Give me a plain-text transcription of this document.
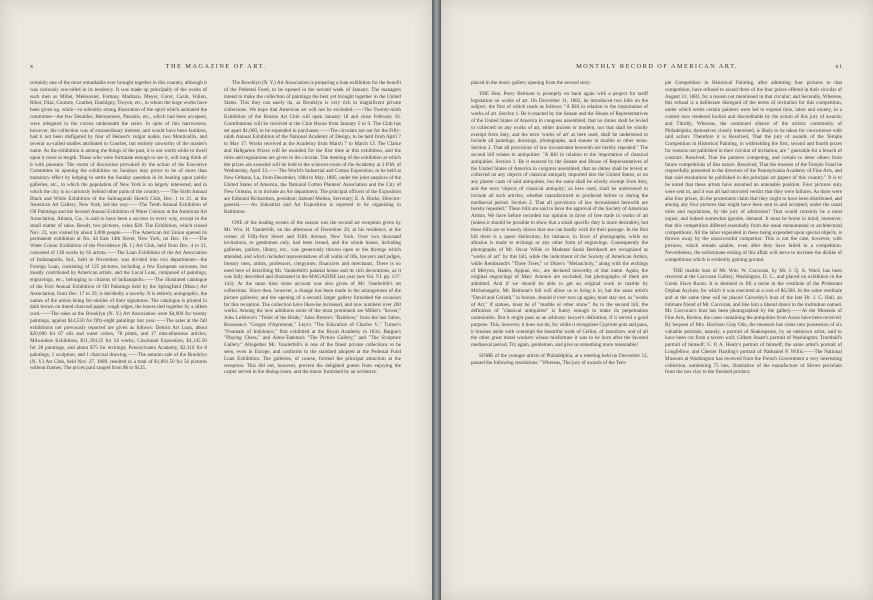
x	THE MAGAZINE OF ART.

certainly one of the most remarkable ever brought together in this country, although it was curiously one-sided in its tendency. It was made up principally of the works of such men as Millet, Meissonier, Fortuny, Madrazo, Meyer, Corot, Cazin, Vollon, Ribot, Diaz, Couture, Courbet, Daubigny, Troyon, etc., to whom the large works have been given up, while—to tolerably strong illustration of the spirit which animated the committee—the few Detailles, Meissoniers, Passinis, etc., which had been accepted, were relegated to the curves underneath the stairs. In spite of this narrowness, however, the collection was of extraordinary interest, and would have been faultless, had it not been disfigured by four of Henner's vulgar nudes, two Monticellis, and several so-called studies attributed to Courbet, but entirely unworthy of the master's name. As the exhibition is among the things of the past, it is not worth while to dwell upon it more at length. Those who were fortunate enough to see it, will long think of it with pleasure. The storm of discussion provoked by the action of the Executive Committee in opening the exhibition on Sundays may prove to be of more than transitory effect by helping to settle the Sunday question in its bearing upon public galleries, etc., in which the population of New York is so largely interested, and in which the city is so curiously behind other parts of the country.——The Sixth Annual Black and White Exhibition of the Salmagundi Sketch Club, Dec. 1 to 21, at the American Art Gallery, New York, led the way.——The Tenth Annual Exhibition of Oil Paintings and the Second Annual Exhibition of Water Colours at the American Art Association, Atlanta, Ga., is said to have been a success in every way, except in the small matter of sales. Result, two pictures, value $20. The Exhibition, which closed Nov. 23, was visited by about 3,000 people.——The American Art Union opened its permanent exhibition at No. 44 East 14th Street, New York, on Dec. 10.——The Water Colour Exhibition of the Providence (R. I.) Art Club, held from Dec. 4 to 21, consisted of 138 works by 63 artists.——The Loan Exhibition of the Art Association of Indianapolis, Ind., held in November, was divided into two departments—the Foreign Loan, consisting of 125 pictures, including a few European canvases, but mostly contributed by American artists, and the Local Loan, composed of paintings, engravings, etc., belonging to citizens of Indianapolis.——The illustrated catalogue of the First Annual Exhibition of Oil Paintings held by the Springfield (Mass.) Art Association, from Dec. 17 to 29, is decidedly a novelty. It is entirely autographic, the names of the artists being fac-similes of their signatures. The catalogue is printed in dark brown on tinted charcoal paper, rough edges, the leaves tied together by a silken cord.——The sales at the Brooklyn (N. Y.) Art Association were $4,000 for twenty paintings, against $14,550 for fifty-eight paintings last year.——The sales at the fall exhibitions not previously reported are given as follows: Detroit Art Loan, about $20,000 for 67 oils and water colors, 78 prints, and 17 miscellaneous articles; Milwaukee Exhibition, $11,394.25 for 54 works; Cincinnati Exposition, $4,145.50 for 28 paintings, and about $75 for etchings; Pennsylvania Academy, $2,310 for 8 paintings, 1 sculpture, and 1 charcoal drawing.——The autumn sale of the Brooklyn (N. Y.) Art Club, held Nov. 27, 1889, resulted in a total of $1,891.50 for 56 pictures without frames. The prices paid ranged from $6 to $125.

The Brooklyn (N. Y.) Art Association is preparing a loan exhibition for the benefit of the Pedestal Fund, to be opened in the second week of January. The managers intend to make the collection of paintings the best yet brought together in the United States. This they can easily do, as Brooklyn is very rich in magnificent private collections. We hope that American art will not be excluded.——The Twenty-ninth Exhibition of the Boston Art Club will open January 18 and close February 16. Contributions will be received at the Club House from January 5 to 9. The Club has set apart $1,000, to be expended in purchases.——The circulars are out for the Fifty-ninth Annual Exhibition of the National Academy of Design, to be held from April 7 to May 17. Works received at the Academy from March 7 to March 12. The Clarke and Hallgarten Prizes will be awarded for the first time at this exhibition, and the rules and regulations are given in the circular. The meeting of the exhibition at which the prizes are awarded will be held in the sciences-room of the Academy at 2 P.M. of Wednesday, April 23.——The World's Industrial and Cotton Exposition, to be held at New Orleans, La., from December, 1884 to May, 1885, under the joint auspices of the United States of America, the National Cotton Planters' Association and the City of New Orleans, is to include an Art department. The principal officers of the Exposition are Edmund Richardson, president; Samuel Mullen, Secretary; E. A. Burke, Director-general.——An Industrial and Art Exposition is reported to be organising in Baltimore.

ONE of the leading events of the season was the second art reception given by Mr. Wm. H. Vanderbilt, on the afternoon of December 20, at his residence, at the corner of Fifty-first Street and Fifth Avenue, New York. Over two thousand invitations, to gentlemen only, had been issued, and the whole house, including galleries, parlors, library, etc., was generously thrown open to the throngs which attended, and which included representatives of all walks of life, lawyers and judges, literary men, artists, professors, clergymen, financiers and merchants. There is no need here of describing Mr. Vanderbilt's palatial house and its rich decorations, as it was fully described and illustrated in the MAGAZINE last year (see Vol. VI. pp. 137-143). At the same time some account was also given of Mr. Vanderbilt's art collections. Since then, however, a change has been made in the arrangement of the picture galleries; and the opening of a second, larger gallery furnished the occasion for this reception. The collection have likewise increased, and now numbers over 200 works. Among the new additions some of the most prominent are Millet's "Sower," Jules Lefebvre's "Toilet of the Bride," Jules Breton's "Rainbow," from the last Salon, Rousseau's "Gorges d'Apremont," Leys's "The Education of Charles V.," Turner's "Fountain of Indolence," first exhibited at the Royal Academy in 1834, Bargue's "Playing Chess," and Alma-Tadema's "The Picture Gallery," and "The Sculpture Gallery." Altogether Mr. Vanderbilt's is one of the finest private collections to be seen, even in Europe, and conforms to the standard adopted at the Pedestal Fund Loan Exhibition. The galleries, of course, formed the principal attraction at the reception. This did not, however, prevent the delighted guests from enjoying the carpet served in the dining-room, and the music furnished by an orchestra.

MONTHLY RECORD OF AMERICAN ART.	xi

placed in the music gallery opening from the second story.

THE Hon. Perry Belmont is promptly on hand again with a project for tariff legislation on works of art. On December 11, 1883, he introduced two bills on the subject, the first of which reads as follows: "A Bill in relation to the importation of works of art. Section 1. Be it enacted by the Senate and the House of Representatives of the United States of America in congress assembled, that no duties shall be levied or collected on any works of art, either ancient or modern, nor that shall be wholly exempt from duty, and the term 'works of art' as here used, shall be understood to include all paintings, drawings, photographs, and statues in marble or other stone. Section 2. That all provisions of law inconsistent herewith are hereby repealed." The second bill relates to antiquities: "A Bill in relation to the importation of classical antiquities. Section 1. Be it enacted by the Senate and House of Representatives of the United States of America in congress assembled, that no duties shall be levied or collected on any objects of classical antiquity imported into the United States, or on any plaster casts of said antiquities, but the same shall be wholly exempt from duty, and the term 'objects of classical antiquity,' as here used, shall be understood to include all such articles, whether manufactured or produced before or during the mediaeval period. Section 2. That all provisions of law inconsistent herewith are hereby repealed." These bills are said to have the approval of the Society of American Artists. We have before recorded our opinion in favor of free trade in works of art (unless it should be possible to show that a small specific duty is more desirable), but these bills are so loosely drawn that one can hardly wish for their passage. In the first bill there is a queer distinction, for instance, in favor of photographs, while no allusion is made to etchings or any other form of engravings. Consequently the photographs of Mr. Oscar Wilde or Madame Sarah Bernhardt are recognized as "works of art" by this bill, while the indictment of the Society of American Artists, while Rembrandt's "Three Trees," or Dürer's "Melancholy," along with the etchings of Méryon, Haden, Appian, etc., are declared unworthy of that name. Again, the original engravings of Marc Antonio are excluded, but photographs of them are admitted. And if we should be able to get an original work in marble by Michelangelo, Mr. Belmont's bill will allow us to bring it in, but the same artist's "David and Goliath," in bronze, should it ever turn up again, must stay out, as "works of Art," if statues, must be of "marble or other stone." As to the second bill, the definition of "classical antiquities" is funny enough to make its perpetuation undesirable. But it might pass as an arbitrary lawyer's definition, if it served a good purpose. This, however, it does not do, for while it recognises Cypriote pots and pans, it brushes aside with contempt the beautiful work of Cellini, of Jamnitzer, and of all the other great metal workers whose misfortune it was to be born after the favored mediaeval period. Try again, gentlemen, and give us something more reasonable!

SOME of the younger artists of Philadelphia, at a meeting held on December 12, passed the following resolutions: "Whereas, The jury of awards of the Tem-

ple Competition in Historical Painting, after admitting four pictures to that competition, have refused to award three of the four prizes offered in their circular of August 31, 1882, for a reason not mentioned in that circular; and Secondly, Whereas, this refusal is a deliberate disregard of the terms of invitation for this competition, under which terms certain painters were led to expend time, labor and money, in a contest now rendered foolish and discreditable by the action of this jury of awards; and Thirdly, Whereas, the continued silence of the artistic community of Philadelphia, themselves closely interested, is likely to be taken for concurrence with said action: Therefore it is Resolved, That the jury of awards of the Temple Competition in Historical Painting, in withholding the first, second and fourth prizes for reasons not published in their circular of invitation, are " guessible for a breach of contract; Resolved, That the painters competing, and certain to deter others from future competitions of like nature. Resolved, That the trustees of the Temple Fund be respectfully presented to the directors of the Pennsylvania Academy of Fine Arts, and that said resolutions be published in the principal art papers of this country." It is to be noted that these artists have assumed an untenable position. Four pictures only were sent in, and it was all had mirrored verdict that they were failures. As there were also four prizes, do the protestants claim that they ought to have been distributed, and among any four pictures that might have been sent in and accepted, under the usual rules and regulations, by the jury of admission? That would certainly be a most unjust, and indeed somewhat ignoble, demand. It must be borne in mind, moreover, that this competition differed essentially from the usual monumental or architectural competitions. All the labor expended in these being expended upon special objects, is thrown away by the unsuccessful competitor. This is not the case, however, with pictures, which remain salable, even after they have failed in a competition. Nevertheless, the unfortunate ending of this affair will serve to increase the dislike of competitions which is evidently gaining ground.

THE marble bust of Mr. Wm. W. Corcoran, by Mr. J. Q. A. Ward, has been received at the Corcoran Gallery, Washington, D. C., and placed on exhibition in the Greek Slave Room. It is destined to fill a niche in the vestibule of the Protestant Orphan Asylum, for which it was executed at a cost of $6,500. In the same vestibule and at the same time will be placed Calverley's bust of the late Dr. J. C. Hall, an intimate friend of Mr. Corcoran, and like him a liberal donor to the institution named. Mr. Corcoran's bust has been photographed by the gallery.——At the Museum of Fine Arts, Boston, the cases containing the antiquities from Assos have been received. By bequest of Mrs. Harrison Gray Otis, the museum has come into possession of six valuable portraits, namely, a portrait of Shakespeare, by an unknown artist, said to have been cut from a tavern wall; Gilbert Stuart's portrait of Washington; Trumbull's portrait of himself; G. P. A. Healy's portrait of himself; the same artist's portrait of Longfellow, and Chester Harding's portrait of Nathaniel P. Willis.——The National Museum at Washington has received from the French Government a very interesting collection, numbering 75 lots, illustrative of the manufacture of Sèvres porcelain from the raw clay to the finished product.
